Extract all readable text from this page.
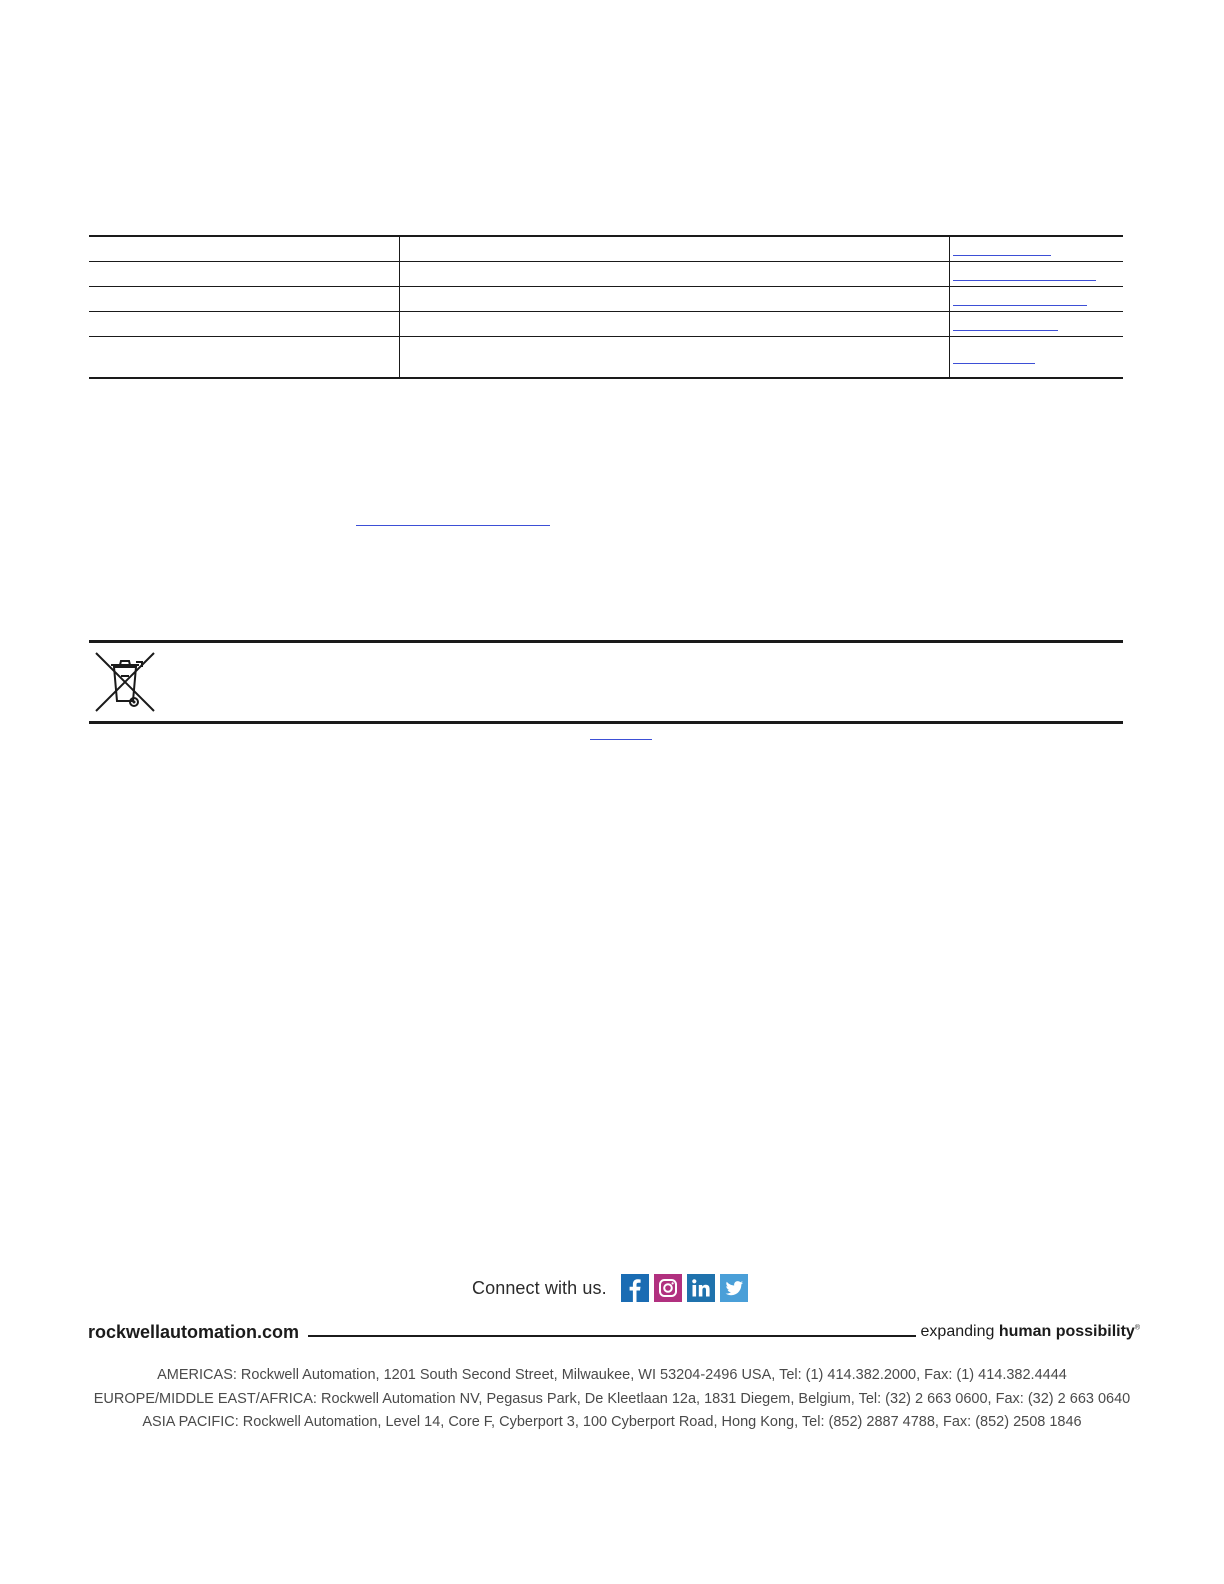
Connect with us.
rockwellautomation.com	expanding human possibility®
AMERICAS: Rockwell Automation, 1201 South Second Street, Milwaukee, WI 53204-2496 USA, Tel: (1) 414.382.2000, Fax: (1) 414.382.4444
EUROPE/MIDDLE EAST/AFRICA: Rockwell Automation NV, Pegasus Park, De Kleetlaan 12a, 1831 Diegem, Belgium, Tel: (32) 2 663 0600, Fax: (32) 2 663 0640
ASIA PACIFIC: Rockwell Automation, Level 14, Core F, Cyberport 3, 100 Cyberport Road, Hong Kong, Tel: (852) 2887 4788, Fax: (852) 2508 1846
